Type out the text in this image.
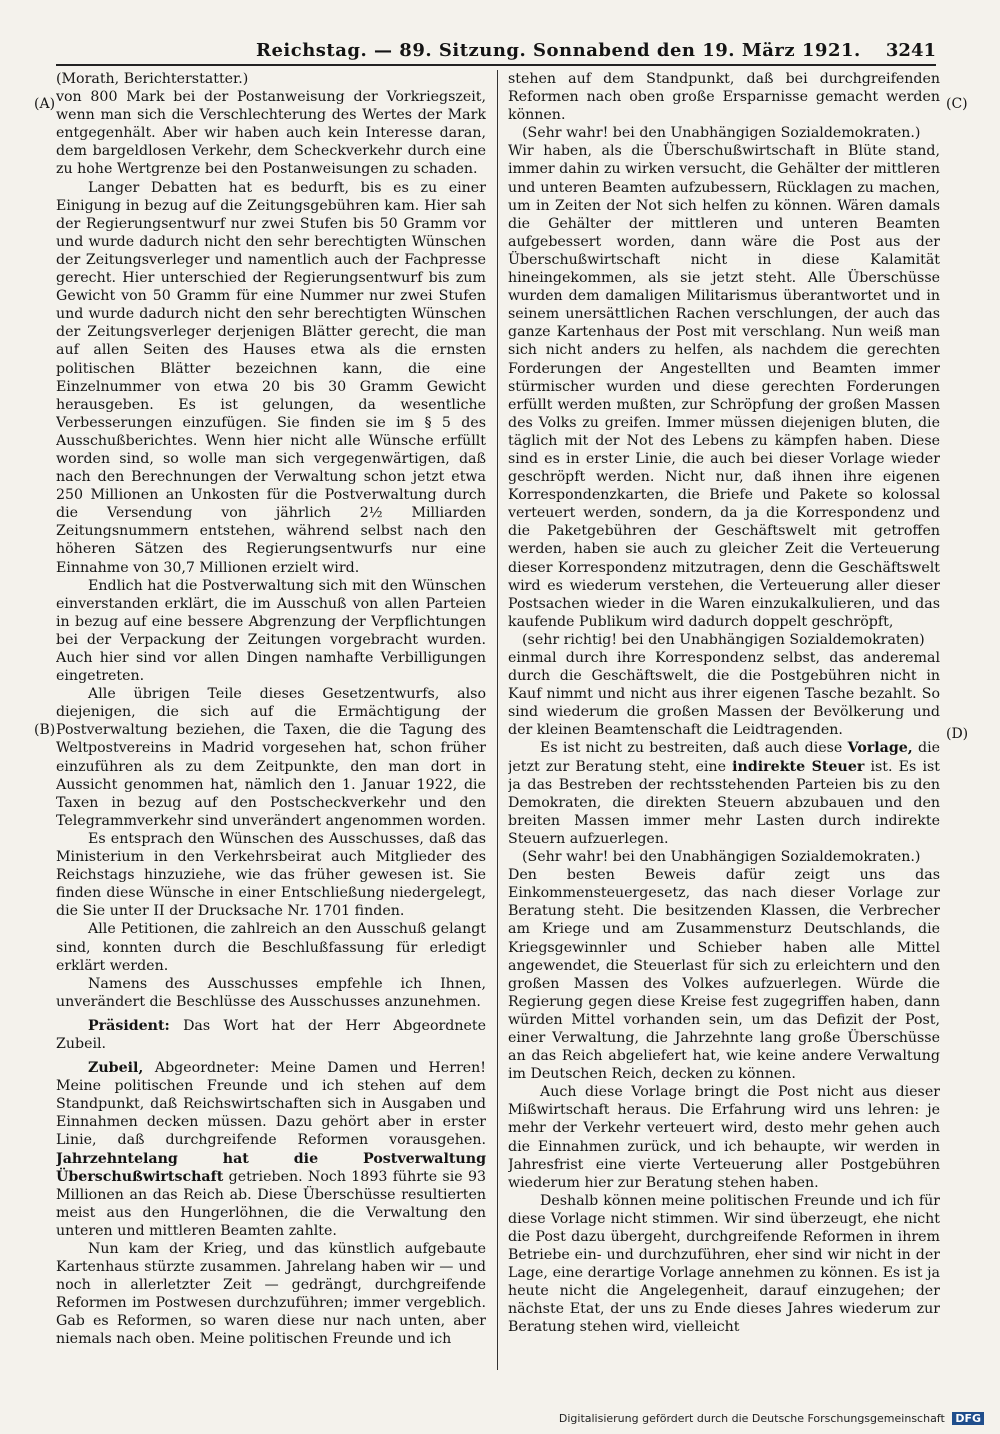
Reichstag. — 89. Sitzung. Sonnabend den 19. März 1921. 3241
(A)
(B)
(C)
(D)

(Morath, Berichterstatter.)

von 800 Mark bei der Postanweisung der Vorkriegszeit, wenn man sich die Verschlechterung des Wertes der Mark entgegenhält. Aber wir haben auch kein Interesse daran, dem bargeldlosen Verkehr, dem Scheckverkehr durch eine zu hohe Wertgrenze bei den Postanweisungen zu schaden.

Langer Debatten hat es bedurft, bis es zu einer Einigung in bezug auf die Zeitungsgebühren kam. Hier sah der Regierungsentwurf nur zwei Stufen bis 50 Gramm vor und wurde dadurch nicht den sehr berechtigten Wünschen der Zeitungsverleger und namentlich auch der Fachpresse gerecht. Hier unterschied der Regierungsentwurf bis zum Gewicht von 50 Gramm für eine Nummer nur zwei Stufen und wurde dadurch nicht den sehr berechtigten Wünschen der Zeitungsverleger derjenigen Blätter gerecht, die man auf allen Seiten des Hauses etwa als die ernsten politischen Blätter bezeichnen kann, die eine Einzelnummer von etwa 20 bis 30 Gramm Gewicht herausgeben. Es ist gelungen, da wesentliche Verbesserungen einzufügen. Sie finden sie im § 5 des Ausschußberichtes. Wenn hier nicht alle Wünsche erfüllt worden sind, so wolle man sich vergegenwärtigen, daß nach den Berechnungen der Verwaltung schon jetzt etwa 250 Millionen an Unkosten für die Postverwaltung durch die Versendung von jährlich 2½ Milliarden Zeitungsnummern entstehen, während selbst nach den höheren Sätzen des Regierungsentwurfs nur eine Einnahme von 30,7 Millionen erzielt wird.

Endlich hat die Postverwaltung sich mit den Wünschen einverstanden erklärt, die im Ausschuß von allen Parteien in bezug auf eine bessere Abgrenzung der Verpflichtungen bei der Verpackung der Zeitungen vorgebracht wurden. Auch hier sind vor allen Dingen namhafte Verbilligungen eingetreten.

Alle übrigen Teile dieses Gesetzentwurfs, also diejenigen, die sich auf die Ermächtigung der Postverwaltung beziehen, die Taxen, die die Tagung des Weltpostvereins in Madrid vorgesehen hat, schon früher einzuführen als zu dem Zeitpunkte, den man dort in Aussicht genommen hat, nämlich den 1. Januar 1922, die Taxen in bezug auf den Postscheckverkehr und den Telegrammverkehr sind unverändert angenommen worden.

Es entsprach den Wünschen des Ausschusses, daß das Ministerium in den Verkehrsbeirat auch Mitglieder des Reichstags hinzuziehe, wie das früher gewesen ist. Sie finden diese Wünsche in einer Entschließung niedergelegt, die Sie unter II der Drucksache Nr. 1701 finden.

Alle Petitionen, die zahlreich an den Ausschuß gelangt sind, konnten durch die Beschlußfassung für erledigt erklärt werden.

Namens des Ausschusses empfehle ich Ihnen, unverändert die Beschlüsse des Ausschusses anzunehmen.

Präsident: Das Wort hat der Herr Abgeordnete Zubeil.

Zubeil, Abgeordneter: Meine Damen und Herren! Meine politischen Freunde und ich stehen auf dem Standpunkt, daß Reichswirtschaften sich in Ausgaben und Einnahmen decken müssen. Dazu gehört aber in erster Linie, daß durchgreifende Reformen vorausgehen. Jahrzehntelang hat die Postverwaltung Überschußwirtschaft getrieben. Noch 1893 führte sie 93 Millionen an das Reich ab. Diese Überschüsse resultierten meist aus den Hungerlöhnen, die die Verwaltung den unteren und mittleren Beamten zahlte.

Nun kam der Krieg, und das künstlich aufgebaute Kartenhaus stürzte zusammen. Jahrelang haben wir — und noch in allerletzter Zeit — gedrängt, durchgreifende Reformen im Postwesen durchzuführen; immer vergeblich. Gab es Reformen, so waren diese nur nach unten, aber niemals nach oben. Meine politischen Freunde und ich

stehen auf dem Standpunkt, daß bei durchgreifenden Reformen nach oben große Ersparnisse gemacht werden können.

(Sehr wahr! bei den Unabhängigen Sozialdemokraten.)

Wir haben, als die Überschußwirtschaft in Blüte stand, immer dahin zu wirken versucht, die Gehälter der mittleren und unteren Beamten aufzubessern, Rücklagen zu machen, um in Zeiten der Not sich helfen zu können. Wären damals die Gehälter der mittleren und unteren Beamten aufgebessert worden, dann wäre die Post aus der Überschußwirtschaft nicht in diese Kalamität hineingekommen, als sie jetzt steht. Alle Überschüsse wurden dem damaligen Militarismus überantwortet und in seinem unersättlichen Rachen verschlungen, der auch das ganze Kartenhaus der Post mit verschlang. Nun weiß man sich nicht anders zu helfen, als nachdem die gerechten Forderungen der Angestellten und Beamten immer stürmischer wurden und diese gerechten Forderungen erfüllt werden mußten, zur Schröpfung der großen Massen des Volks zu greifen. Immer müssen diejenigen bluten, die täglich mit der Not des Lebens zu kämpfen haben. Diese sind es in erster Linie, die auch bei dieser Vorlage wieder geschröpft werden. Nicht nur, daß ihnen ihre eigenen Korrespondenzkarten, die Briefe und Pakete so kolossal verteuert werden, sondern, da ja die Korrespondenz und die Paketgebühren der Geschäftswelt mit getroffen werden, haben sie auch zu gleicher Zeit die Verteuerung dieser Korrespondenz mitzutragen, denn die Geschäftswelt wird es wiederum verstehen, die Verteuerung aller dieser Postsachen wieder in die Waren einzukalkulieren, und das kaufende Publikum wird dadurch doppelt geschröpft,

(sehr richtig! bei den Unabhängigen Sozialdemokraten)

einmal durch ihre Korrespondenz selbst, das anderemal durch die Geschäftswelt, die die Postgebühren nicht in Kauf nimmt und nicht aus ihrer eigenen Tasche bezahlt. So sind wiederum die großen Massen der Bevölkerung und der kleinen Beamtenschaft die Leidtragenden.

Es ist nicht zu bestreiten, daß auch diese Vorlage, die jetzt zur Beratung steht, eine indirekte Steuer ist. Es ist ja das Bestreben der rechtsstehenden Parteien bis zu den Demokraten, die direkten Steuern abzubauen und den breiten Massen immer mehr Lasten durch indirekte Steuern aufzuerlegen.

(Sehr wahr! bei den Unabhängigen Sozialdemokraten.)

Den besten Beweis dafür zeigt uns das Einkommensteuergesetz, das nach dieser Vorlage zur Beratung steht. Die besitzenden Klassen, die Verbrecher am Kriege und am Zusammensturz Deutschlands, die Kriegsgewinnler und Schieber haben alle Mittel angewendet, die Steuerlast für sich zu erleichtern und den großen Massen des Volkes aufzuerlegen. Würde die Regierung gegen diese Kreise fest zugegriffen haben, dann würden Mittel vorhanden sein, um das Defizit der Post, einer Verwaltung, die Jahrzehnte lang große Überschüsse an das Reich abgeliefert hat, wie keine andere Verwaltung im Deutschen Reich, decken zu können.

Auch diese Vorlage bringt die Post nicht aus dieser Mißwirtschaft heraus. Die Erfahrung wird uns lehren: je mehr der Verkehr verteuert wird, desto mehr gehen auch die Einnahmen zurück, und ich behaupte, wir werden in Jahresfrist eine vierte Verteuerung aller Postgebühren wiederum hier zur Beratung stehen haben.

Deshalb können meine politischen Freunde und ich für diese Vorlage nicht stimmen. Wir sind überzeugt, ehe nicht die Post dazu übergeht, durchgreifende Reformen in ihrem Betriebe ein- und durchzuführen, eher sind wir nicht in der Lage, eine derartige Vorlage annehmen zu können. Es ist ja heute nicht die Angelegenheit, darauf einzugehen; der nächste Etat, der uns zu Ende dieses Jahres wiederum zur Beratung stehen wird, vielleicht

Digitalisierung gefördert durch die Deutsche Forschungsgemeinschaft DFG
